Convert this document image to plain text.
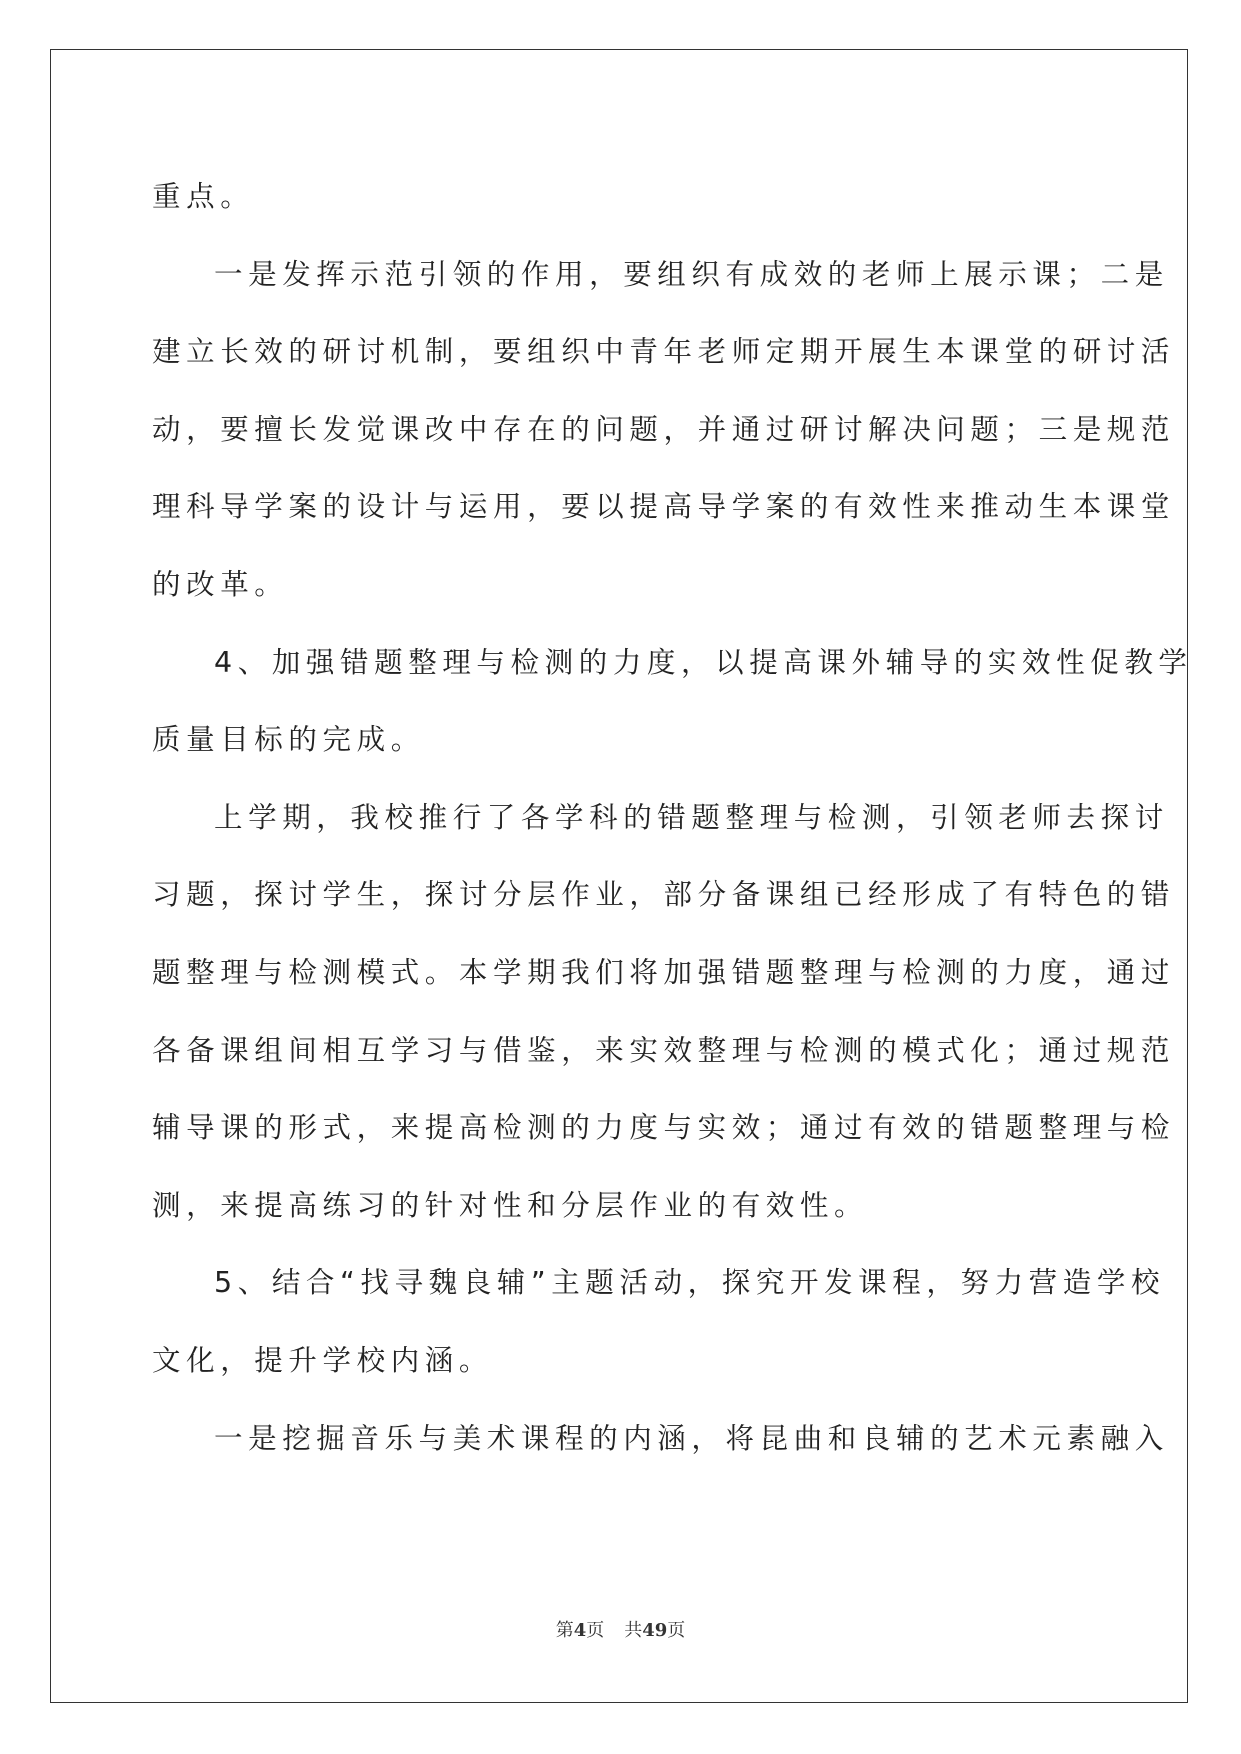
重点。
一是发挥示范引领的作用，要组织有成效的老师上展示课；二是
建立长效的研讨机制，要组织中青年老师定期开展生本课堂的研讨活
动，要擅长发觉课改中存在的问题，并通过研讨解决问题；三是规范
理科导学案的设计与运用，要以提高导学案的有效性来推动生本课堂
的改革。
4、加强错题整理与检测的力度，以提高课外辅导的实效性促教学
质量目标的完成。
上学期，我校推行了各学科的错题整理与检测，引领老师去探讨
习题，探讨学生，探讨分层作业，部分备课组已经形成了有特色的错
题整理与检测模式。本学期我们将加强错题整理与检测的力度，通过
各备课组间相互学习与借鉴，来实效整理与检测的模式化；通过规范
辅导课的形式，来提高检测的力度与实效；通过有效的错题整理与检
测，来提高练习的针对性和分层作业的有效性。
5、结合“找寻魏良辅”主题活动，探究开发课程，努力营造学校
文化，提升学校内涵。
一是挖掘音乐与美术课程的内涵，将昆曲和良辅的艺术元素融入
第4页 共49页
